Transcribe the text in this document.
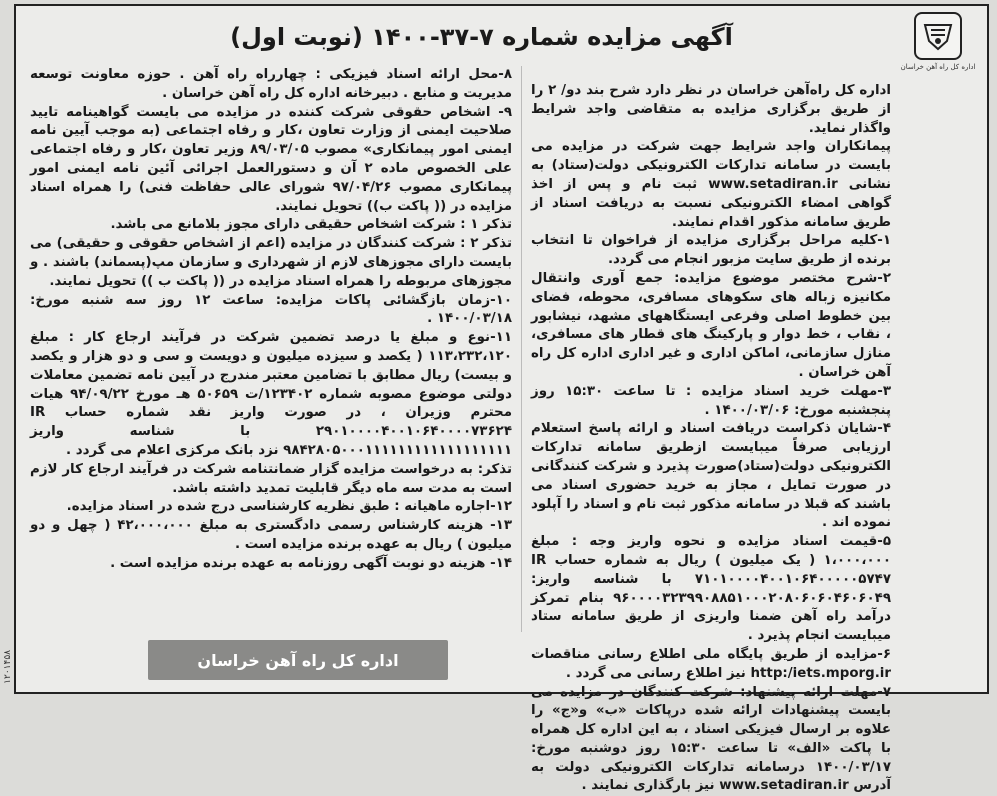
آگهی مزایده شماره ۷-۳۷-۱۴۰۰ (نوبت اول)
اداره کل راه آهن خراسان

اداره کل راه‌آهن خراسان در نظر دارد شرح بند دو/ ۲ را از طریق برگزاری مزایده به متقاضی واجد شرایط واگذار نماید.

پیمانکاران واجد شرایط جهت شرکت در مزایده می بایست در سامانه تدارکات الکترونیکی دولت(ستاد) به نشانی www.setadiran.ir ثبت نام و پس از اخذ گواهی امضاء الکترونیکی نسبت به دریافت اسناد از طریق سامانه مذکور اقدام نمایند.

۱-کلیه مراحل برگزاری مزایده از فراخوان تا انتخاب برنده از طریق سایت مزبور انجام می گردد.

۲-شرح مختصر موضوع مزایده: جمع آوری وانتقال مکانیزه زباله های سکوهای مسافری، محوطه، فضای بین خطوط اصلی وفرعی ایستگاههای مشهد، نیشابور ، نقاب ، خط دوار و پارکینگ های قطار های مسافری، منازل سازمانی، اماکن اداری و غیر اداری اداره کل راه آهن خراسان .

۳-مهلت خرید اسناد مزایده : تا ساعت ۱۵:۳۰ روز پنجشنبه مورخ: ۱۴۰۰/۰۳/۰۶ .

۴-شایان ذکراست دریافت اسناد و ارائه پاسخ استعلام ارزیابی صرفاً میبایست ازطریق سامانه تدارکات الکترونیکی دولت(ستاد)صورت پذیرد و شرکت کنندگانی در صورت تمایل ، مجاز به خرید حضوری اسناد می باشند که قبلا در سامانه مذکور ثبت نام و اسناد را آپلود نموده اند .

۵-قیمت اسناد مزایده و نحوه واریز وجه : مبلغ ۱،۰۰۰،۰۰۰ ( یک میلیون ) ریال به شماره حساب IR ۷۱۰۱۰۰۰۰۴۰۰۱۰۶۴۰۰۰۰۰۵۷۴۷ با شناسه واریز: ۹۶۰۰۰۰۳۲۳۹۹۰۸۸۵۱۰۰۰۲۰۸۰۶۰۶۰۴۶۰۶۰۴۹ بنام تمرکز درآمد راه آهن ضمنا واریزی از طریق سامانه ستاد میبایست انجام پذیرد .

۶-مزایده از طریق پایگاه ملی اطلاع رسانی مناقصات http:/iets.mporg.ir نیز اطلاع رسانی می گردد .

۷-مهلت ارائه پیشنهاد: شرکت کنندگان در مزایده می بایست پیشنهادات ارائه شده درپاکات «ب» و«ج» را علاوه بر ارسال فیزیکی اسناد ، به این اداره کل همراه با پاکت «الف» تا ساعت ۱۵:۳۰ روز دوشنبه مورخ: ۱۴۰۰/۰۳/۱۷ درسامانه تدارکات الکترونیکی دولت به آدرس www.setadiran.ir نیز بارگذاری نمایند .

۸-محل ارائه اسناد فیزیکی : چهارراه راه آهن . حوزه معاونت توسعه مدیریت و منابع . دبیرخانه اداره کل راه آهن خراسان .

۹- اشخاص حقوقی شرکت کننده در مزایده می بایست گواهینامه تایید صلاحیت ایمنی از وزارت تعاون ،کار و رفاه اجتماعی (به موجب آیین نامه ایمنی امور پیمانکاری» مصوب ۸۹/۰۳/۰۵ وزیر تعاون ،کار و رفاه اجتماعی علی الخصوص ماده ۲ آن و دستورالعمل اجرائی آئین نامه ایمنی امور پیمانکاری مصوب ۹۷/۰۴/۲۶ شورای عالی حفاظت فنی) را همراه اسناد مزایده در (( پاکت ب)) تحویل نمایند.

تذکر ۱ : شرکت اشخاص حقیقی دارای مجوز بلامانع می باشد.

تذکر ۲ : شرکت کنندگان در مزایده (اعم از اشخاص حقوقی و حقیقی) می بایست دارای مجوزهای لازم از شهرداری و سازمان مپ(پسماند) باشند . و مجوزهای مربوطه را همراه اسناد مزایده در (( پاکت ب )) تحویل نمایند.

۱۰-زمان بازگشائی پاکات مزایده: ساعت ۱۲ روز سه شنبه مورخ: ۱۴۰۰/۰۳/۱۸ .

۱۱-نوع و مبلغ یا درصد تضمین شرکت در فرآیند ارجاع کار : مبلغ ۱۱۳،۲۳۲،۱۲۰ ( یکصد و سیزده میلیون و دویست و سی و دو هزار و یکصد و بیست) ریال مطابق با تضامین معتبر مندرج در آیین نامه تضمین معاملات دولتی موضوع مصوبه شماره ۱۲۳۴۰۲/ت ۵۰۶۵۹ هـ مورخ ۹۴/۰۹/۲۲ هیات محترم وزیران ، در صورت واریز نقد شماره حساب IR ۲۹۰۱۰۰۰۰۴۰۰۱۰۶۴۰۰۰۰۷۳۶۲۴ با شناسه واریز ۹۸۴۲۸۰۵۰۰۰۱۱۱۱۱۱۱۱۱۱۱۱۱۱۱۱۱۱ نزد بانک مرکزی اعلام می گردد .

تذکر: به درخواست مزایده گزار ضمانتنامه شرکت در فرآیند ارجاع کار لازم است به مدت سه ماه دیگر قابلیت تمدید داشته باشد.

۱۲-اجاره ماهیانه : طبق نظریه کارشناسی درج شده در اسناد مزایده.

۱۳- هزینه کارشناس رسمی دادگستری به مبلغ ۴۲،۰۰۰،۰۰۰ ( چهل و دو میلیون ) ریال به عهده برنده مزایده است .

۱۴- هزینه دو نوبت آگهی روزنامه به عهده برنده مزایده است .

اداره کل راه آهن خراسان
۱۲۰۱۴۵۸
